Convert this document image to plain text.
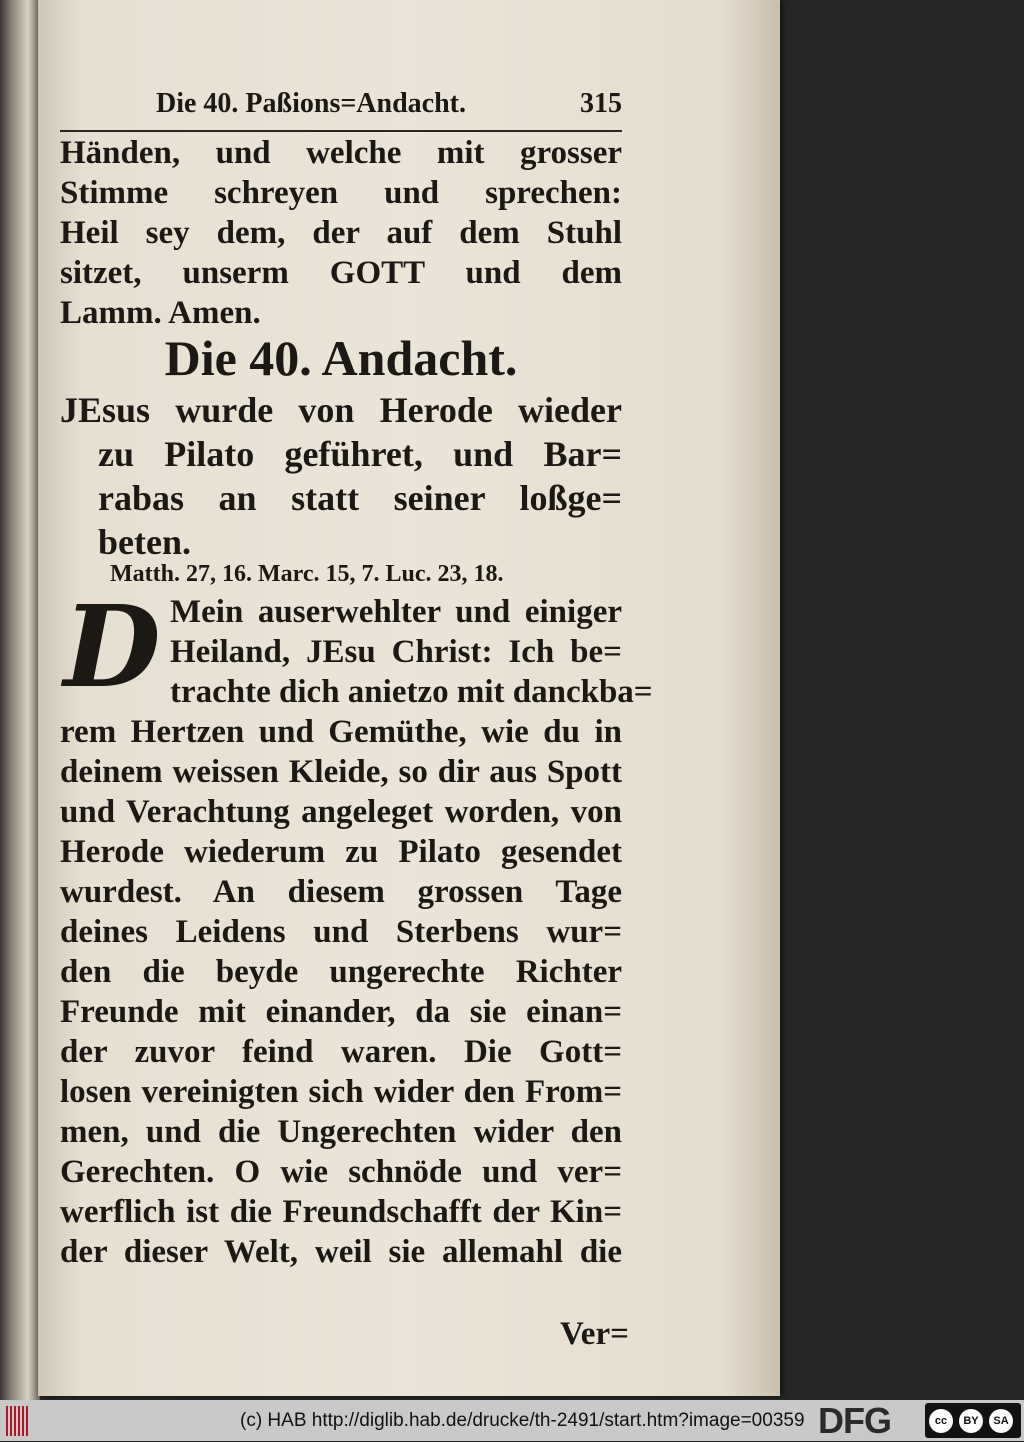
Die 40. Paßions=Andacht.	315
Händen, und welche mit grosser
Stimme schreyen und sprechen:
Heil sey dem, der auf dem Stuhl
sitzet, unserm GOTT und dem
Lamm. Amen.
Die 40. Andacht.
JEsus wurde von Herode wieder
zu Pilato geführet, und Bar=
rabas an statt seiner loßge=
beten.
Matth. 27, 16. Marc. 15, 7. Luc. 23, 18.
D Mein auserwehlter und einiger
Heiland, JEsu Christ: Ich be=
trachte dich anietzo mit danckba=
rem Hertzen und Gemüthe, wie du in
deinem weissen Kleide, so dir aus Spott
und Verachtung angeleget worden, von
Herode wiederum zu Pilato gesendet
wurdest. An diesem grossen Tage
deines Leidens und Sterbens wur=
den die beyde ungerechte Richter
Freunde mit einander, da sie einan=
der zuvor feind waren. Die Gott=
losen vereinigten sich wider den From=
men, und die Ungerechten wider den
Gerechten. O wie schnöde und ver=
werflich ist die Freundschafft der Kin=
der dieser Welt, weil sie allemahl die
Ver=
(c) HAB http://diglib.hab.de/drucke/th-2491/start.htm?image=00359 DFG	cc	BY	SA
